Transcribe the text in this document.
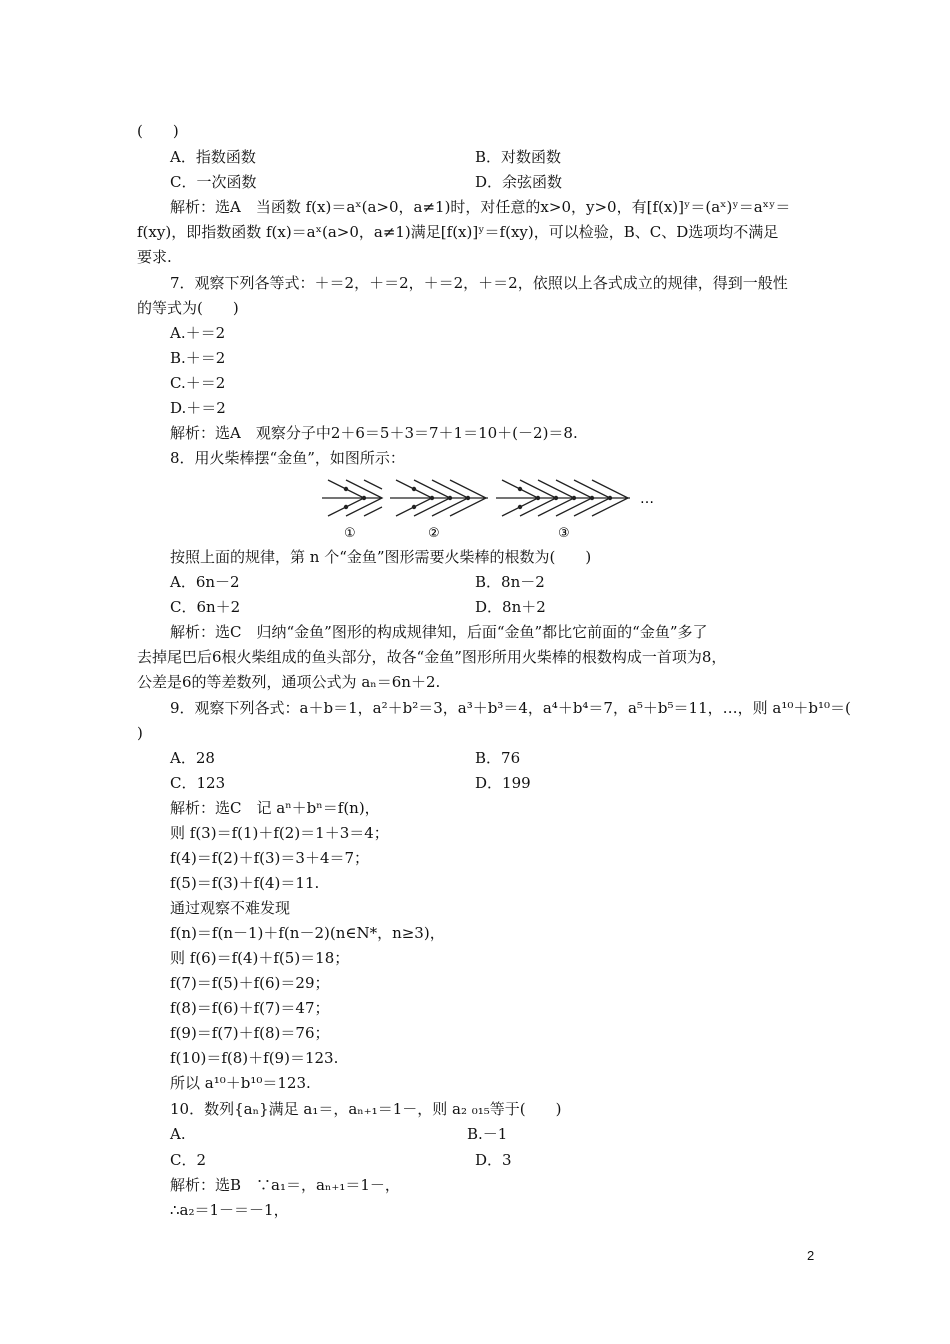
(　　)
A．指数函数	B．对数函数
C．一次函数	D．余弦函数
解析：选A　当函数 f(x)＝aˣ(a>0，a≠1)时，对任意的x>0，y>0，有[f(x)]ʸ＝(aˣ)ʸ＝aˣʸ＝
f(xy)，即指数函数 f(x)＝aˣ(a>0，a≠1)满足[f(x)]ʸ＝f(xy)，可以检验，B、C、D选项均不满足
要求.
7．观察下列各等式：＋＝2，＋＝2，＋＝2，＋＝2，依照以上各式成立的规律，得到一般性
的等式为(　　)
A.＋＝2
B.＋＝2
C.＋＝2
D.＋＝2
解析：选A　观察分子中2＋6＝5＋3＝7＋1＝10＋(－2)＝8.
8．用火柴棒摆“金鱼”，如图所示：
①	②	③
…
按照上面的规律，第 n 个“金鱼”图形需要火柴棒的根数为(　　)
A．6n－2	B．8n－2
C．6n＋2	D．8n＋2
解析：选C　归纳“金鱼”图形的构成规律知，后面“金鱼”都比它前面的“金鱼”多了
去掉尾巴后6根火柴组成的鱼头部分，故各“金鱼”图形所用火柴棒的根数构成一首项为8，
公差是6的等差数列，通项公式为 aₙ＝6n＋2.
9．观察下列各式：a＋b＝1，a²＋b²＝3，a³＋b³＝4，a⁴＋b⁴＝7，a⁵＋b⁵＝11，…，则 a¹⁰＋b¹⁰＝(
)
A．28	B．76
C．123	D．199
解析：选C　记 aⁿ＋bⁿ＝f(n)，
则 f(3)＝f(1)＋f(2)＝1＋3＝4；
f(4)＝f(2)＋f(3)＝3＋4＝7；
f(5)＝f(3)＋f(4)＝11.
通过观察不难发现
f(n)＝f(n－1)＋f(n－2)(n∈N*，n≥3)，
则 f(6)＝f(4)＋f(5)＝18；
f(7)＝f(5)＋f(6)＝29；
f(8)＝f(6)＋f(7)＝47；
f(9)＝f(7)＋f(8)＝76；
f(10)＝f(8)＋f(9)＝123.
所以 a¹⁰＋b¹⁰＝123.
10．数列{aₙ}满足 a₁＝，aₙ₊₁＝1－，则 a₂ ₀₁₅等于(　　)
A.	B.－1
C．2	D．3
解析：选B　∵a₁＝，aₙ₊₁＝1－，
∴a₂＝1－＝－1，
2
